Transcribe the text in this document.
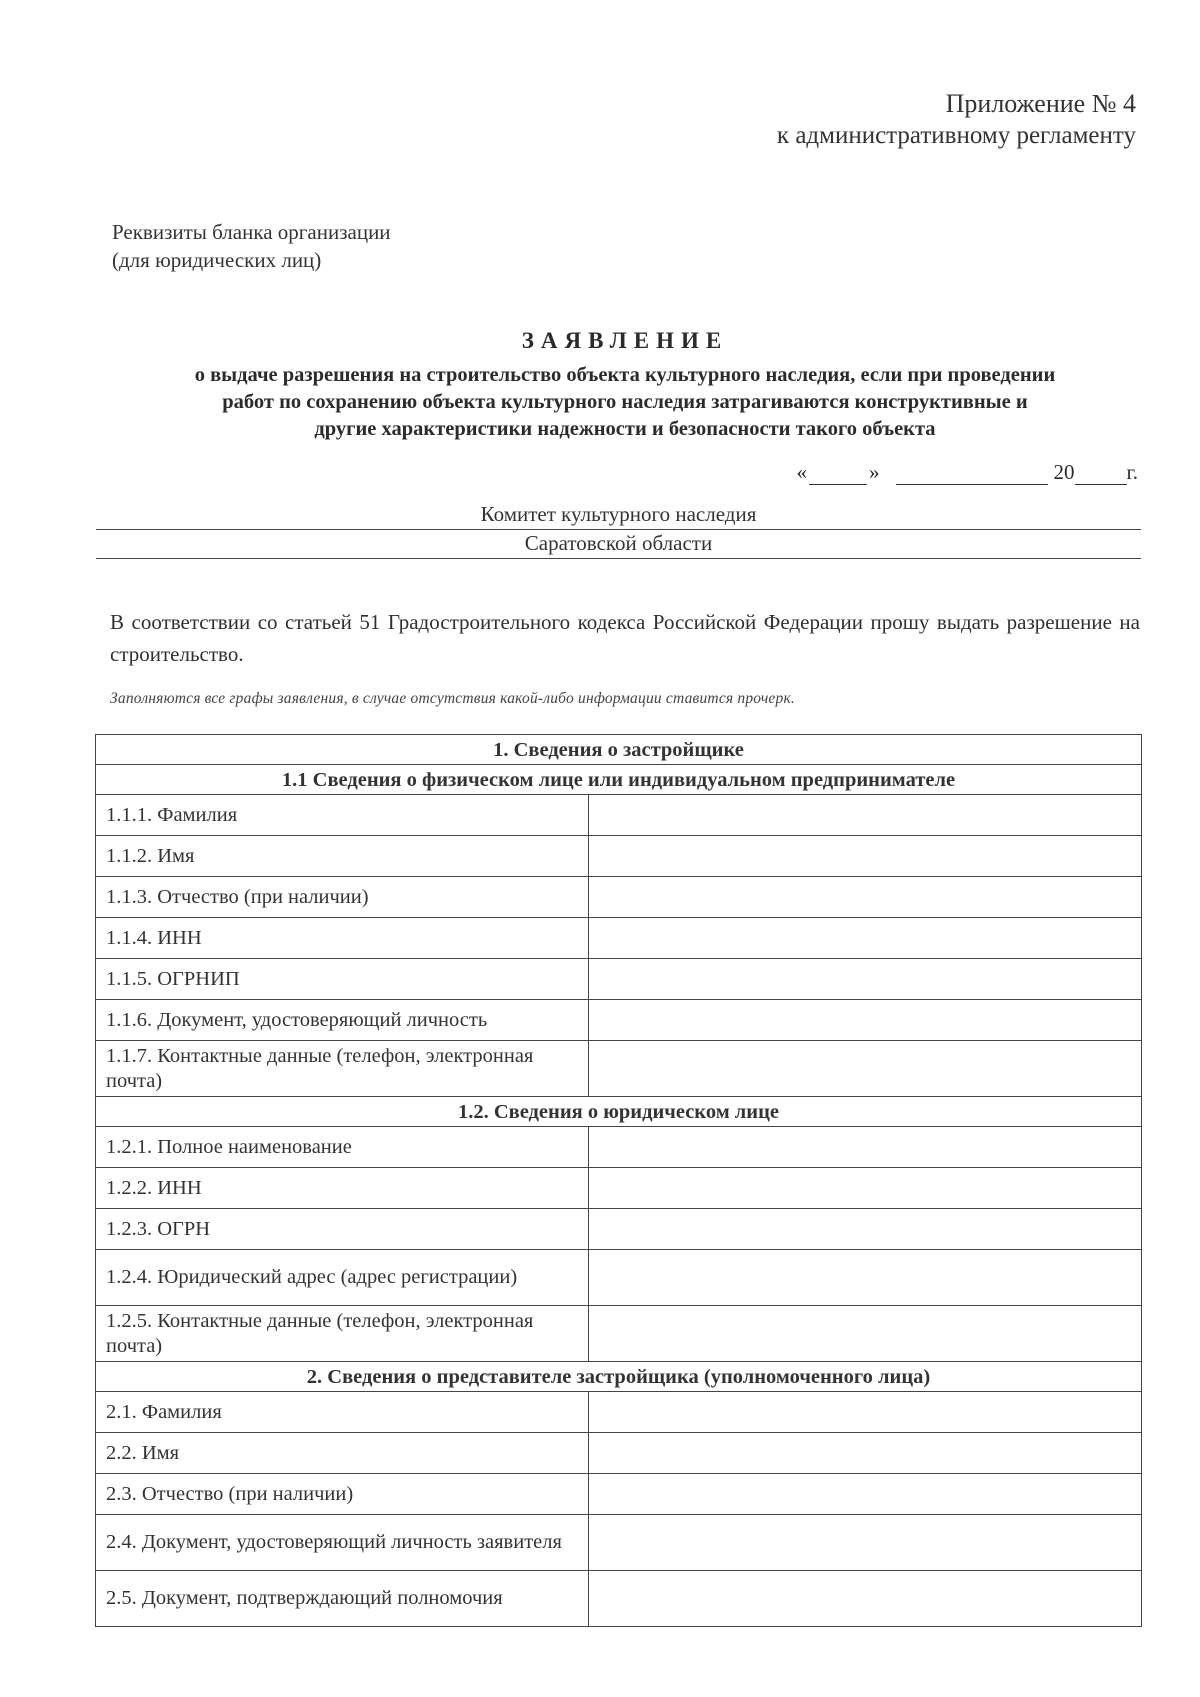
Приложение № 4
к административному регламенту
Реквизиты бланка организации
(для юридических лиц)
ЗАЯВЛЕНИЕ
о выдаче разрешения на строительство объекта культурного наследия, если при проведении
работ по сохранению объекта культурного наследия затрагиваются конструктивные и
другие характеристики надежности и безопасности такого объекта
«	»	20 г.
Комитет культурного наследия
Саратовской области
В соответствии со статьей 51 Градостроительного кодекса Российской Федерации прошу выдать разрешение на строительство.
Заполняются все графы заявления, в случае отсутствия какой-либо информации ставится прочерк.
1. Сведения о застройщике	
1.1 Сведения о физическом лице или индивидуальном предпринимателе	
1.1.1. Фамилия	
1.1.2. Имя	
1.1.3. Отчество (при наличии)	
1.1.4. ИНН	
1.1.5. ОГРНИП	
1.1.6. Документ, удостоверяющий личность	
1.1.7. Контактные данные (телефон, электронная почта)	
1.2. Сведения о юридическом лице	
1.2.1. Полное наименование	
1.2.2. ИНН	
1.2.3. ОГРН	
1.2.4. Юридический адрес (адрес регистрации)	
1.2.5. Контактные данные (телефон, электронная почта)	
2. Сведения о представителе застройщика (уполномоченного лица)	
2.1. Фамилия	
2.2. Имя	
2.3. Отчество (при наличии)	
2.4. Документ, удостоверяющий личность заявителя	
2.5. Документ, подтверждающий полномочия	
